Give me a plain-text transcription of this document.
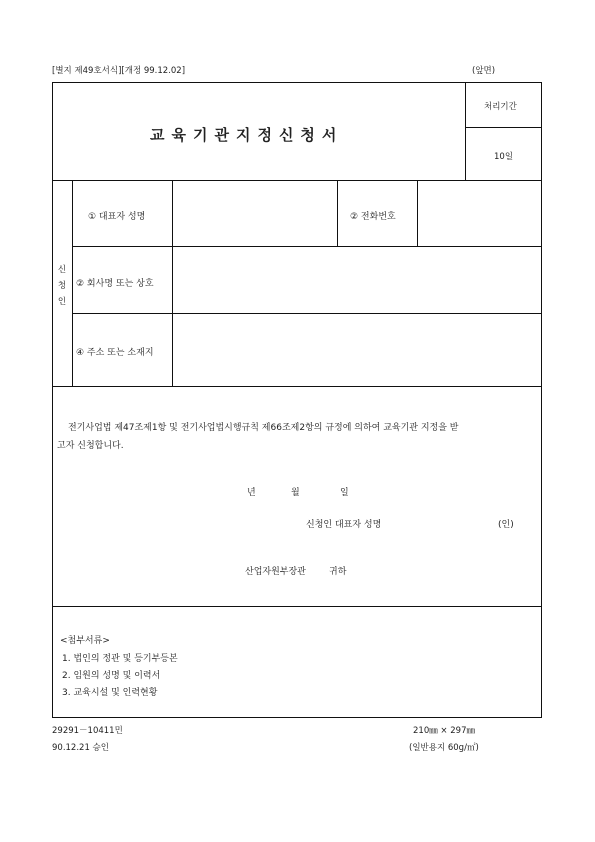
[별지 제49호서식][개정 99.12.02]	(앞면)
교육기관지정신청서
처리기간
10일
신
청
인
① 대표자 성명	② 전화번호
② 회사명 또는 상호
④ 주소 또는 소재지
전기사업법 제47조제1항 및 전기사업법시행규칙 제66조제2항의 규정에 의하여 교육기관 지정을 받
고자 신청합니다.
년	월	일
신청인 대표자 성명	(인)
산업자원부장관	귀하
<첨부서류>
1. 법인의 정관 및 등기부등본
2. 임원의 성명 및 이력서
3. 교육시설 및 인력현황
29291－10411민
90.12.21 승인
210㎜ × 297㎜
(일반용지 60g/㎡)
